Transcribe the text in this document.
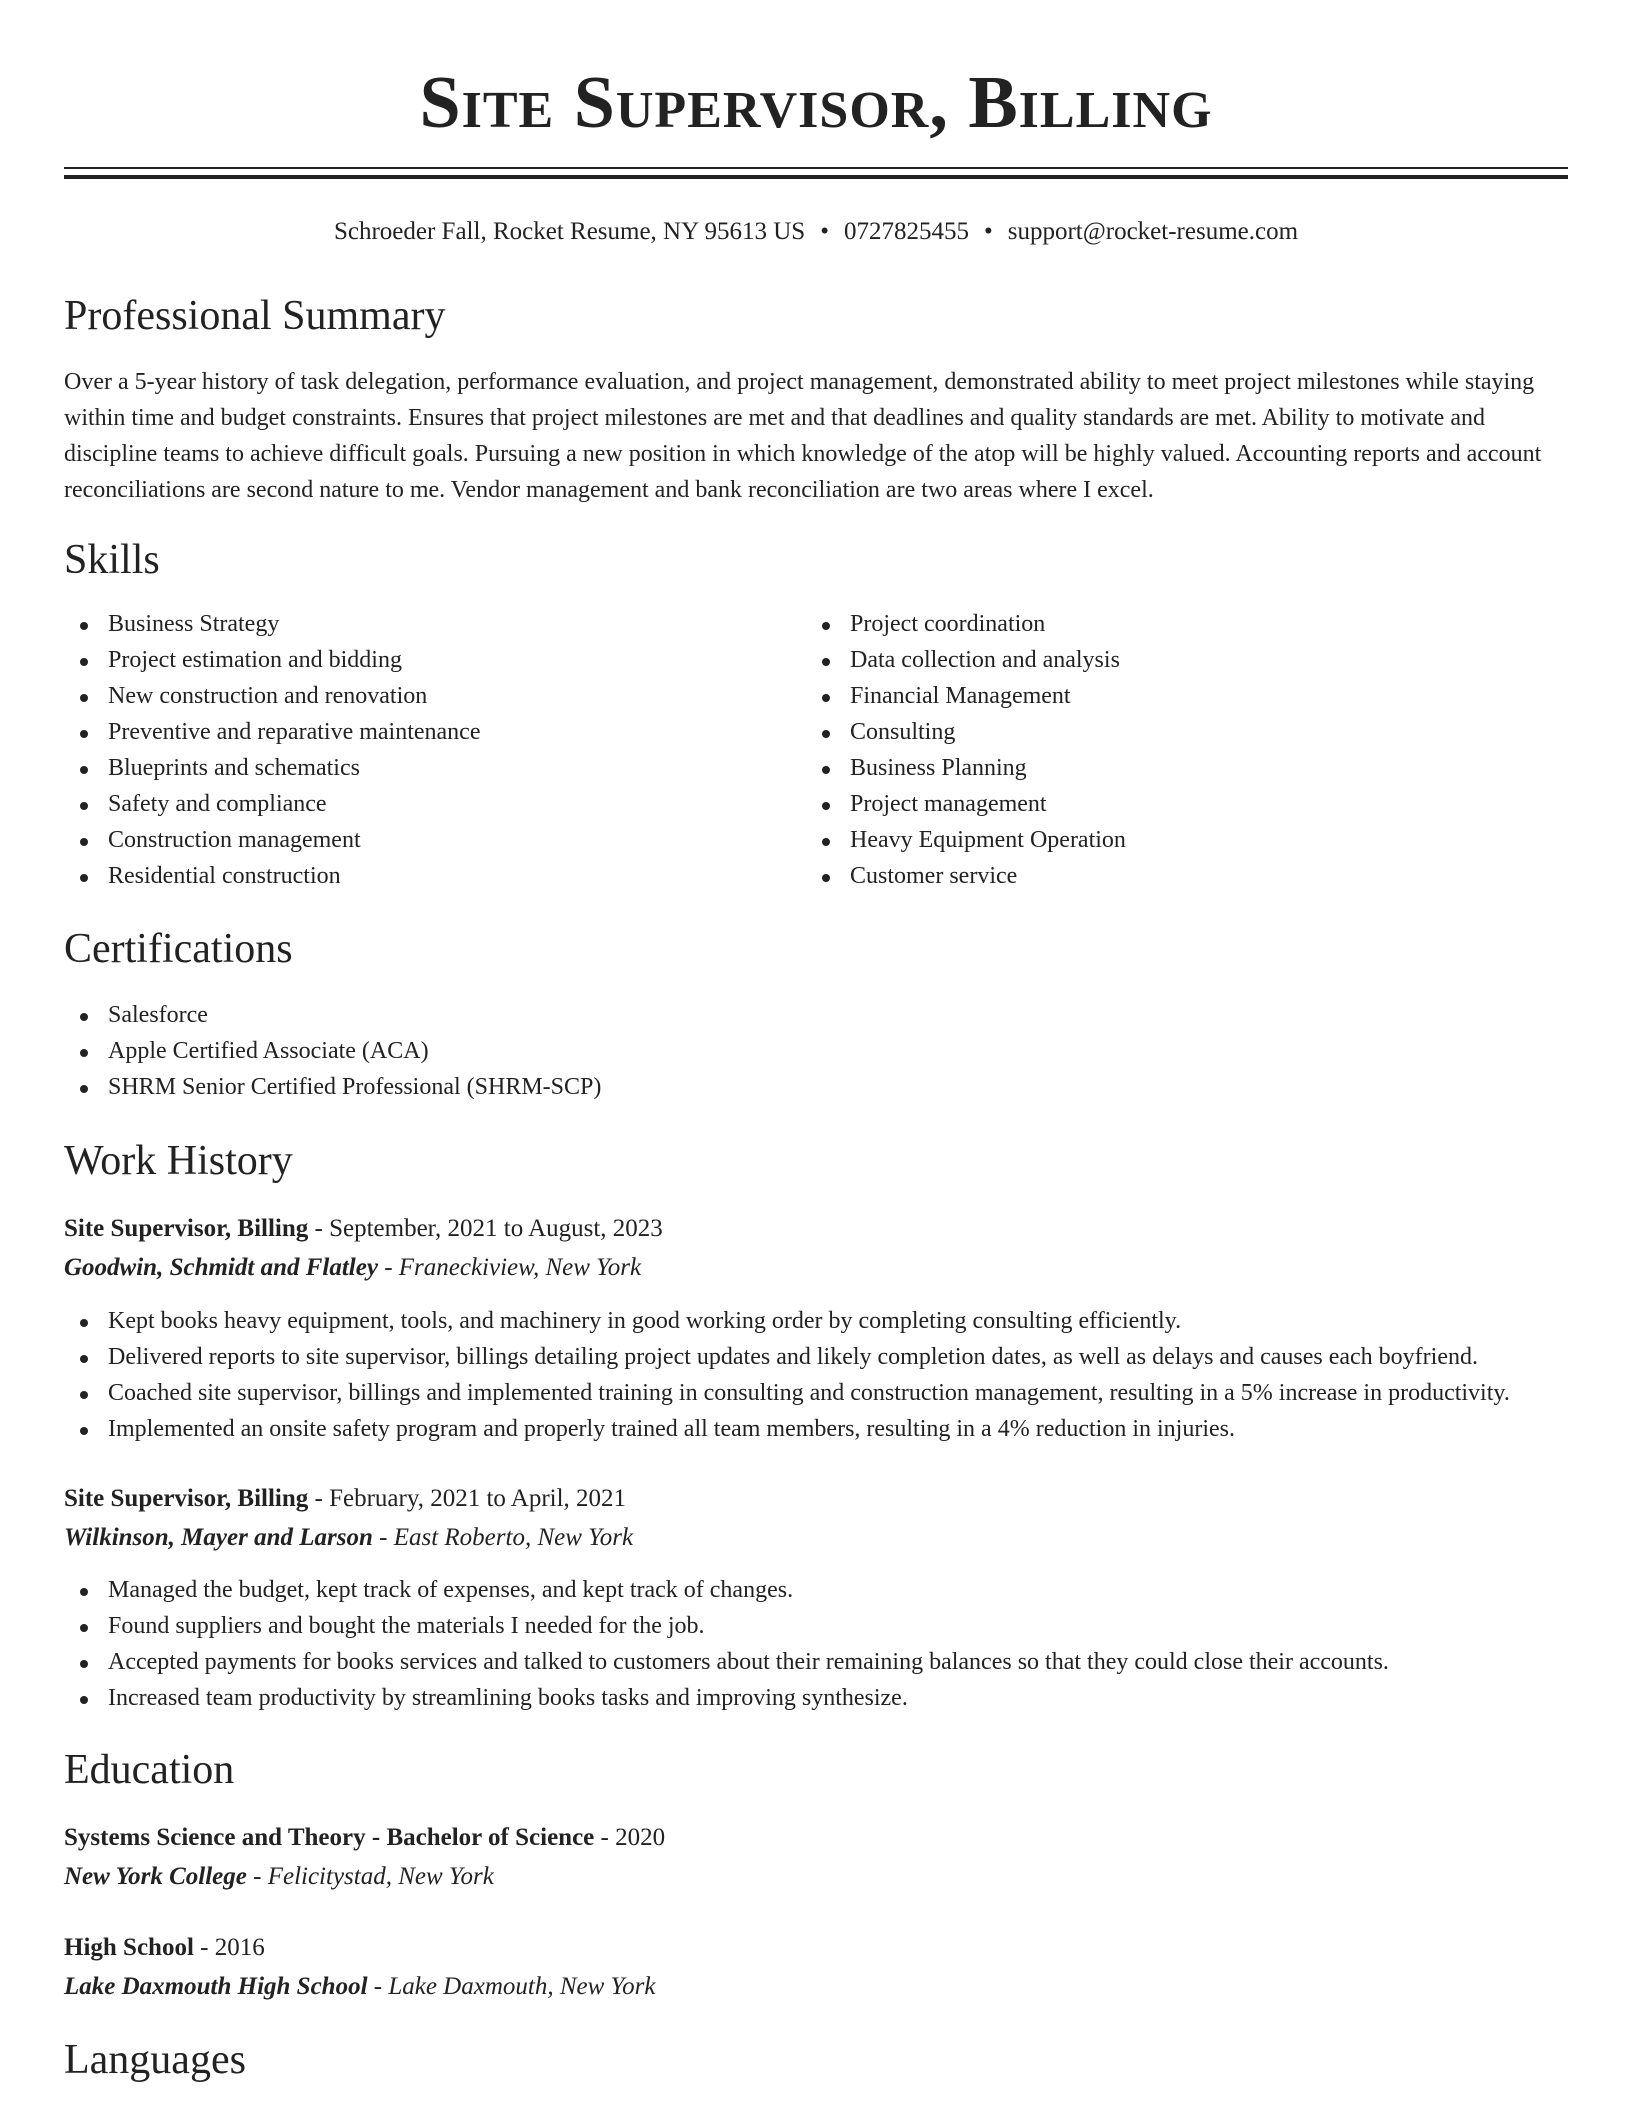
Site Supervisor, Billing
Schroeder Fall, Rocket Resume, NY 95613 US • 0727825455 • support@rocket-resume.com
Professional Summary

Over a 5-year history of task delegation, performance evaluation, and project management, demonstrated ability to meet project milestones while staying within time and budget constraints. Ensures that project milestones are met and that deadlines and quality standards are met. Ability to motivate and discipline teams to achieve difficult goals. Pursuing a new position in which knowledge of the atop will be highly valued. Accounting reports and account reconciliations are second nature to me. Vendor management and bank reconciliation are two areas where I excel.

Skills
Business Strategy
Project estimation and bidding
New construction and renovation
Preventive and reparative maintenance
Blueprints and schematics
Safety and compliance
Construction management
Residential construction
Project coordination
Data collection and analysis
Financial Management
Consulting
Business Planning
Project management
Heavy Equipment Operation
Customer service
Certifications
Salesforce
Apple Certified Associate (ACA)
SHRM Senior Certified Professional (SHRM-SCP)
Work History
Site Supervisor, Billing - September, 2021 to August, 2023
Goodwin, Schmidt and Flatley - Franeckiview, New York
Kept books heavy equipment, tools, and machinery in good working order by completing consulting efficiently.
Delivered reports to site supervisor, billings detailing project updates and likely completion dates, as well as delays and causes each boyfriend.
Coached site supervisor, billings and implemented training in consulting and construction management, resulting in a 5% increase in productivity.
Implemented an onsite safety program and properly trained all team members, resulting in a 4% reduction in injuries.
Site Supervisor, Billing - February, 2021 to April, 2021
Wilkinson, Mayer and Larson - East Roberto, New York
Managed the budget, kept track of expenses, and kept track of changes.
Found suppliers and bought the materials I needed for the job.
Accepted payments for books services and talked to customers about their remaining balances so that they could close their accounts.
Increased team productivity by streamlining books tasks and improving synthesize.
Education
Systems Science and Theory - Bachelor of Science - 2020
New York College - Felicitystad, New York
High School - 2016
Lake Daxmouth High School - Lake Daxmouth, New York
Languages
